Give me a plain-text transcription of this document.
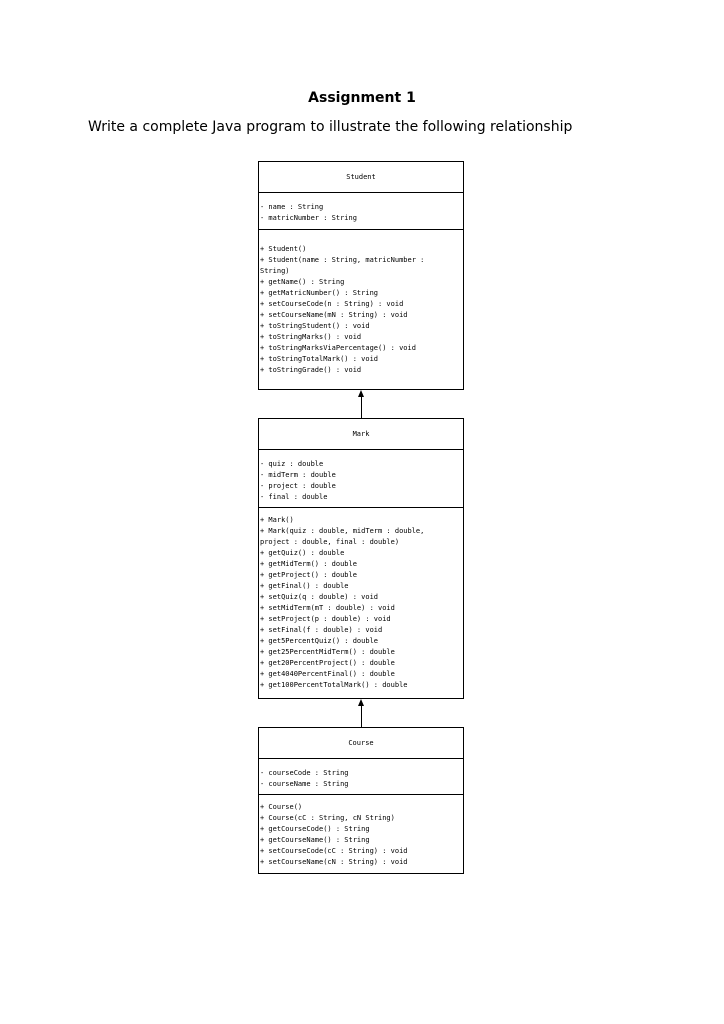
Assignment 1
Write a complete Java program to illustrate the following relationship
Student
- name : String
- matricNumber : String
+ Student()
+ Student(name : String, matricNumber :
String)
+ getName() : String
+ getMatricNumber() : String
+ setCourseCode(n : String) : void
+ setCourseName(mN : String) : void
+ toStringStudent() : void
+ toStringMarks() : void
+ toStringMarksViaPercentage() : void
+ toStringTotalMark() : void
+ toStringGrade() : void
Mark
- quiz : double
- midTerm : double
- project : double
- final : double
+ Mark()
+ Mark(quiz : double, midTerm : double,
project : double, final : double)
+ getQuiz() : double
+ getMidTerm() : double
+ getProject() : double
+ getFinal() : double
+ setQuiz(q : double) : void
+ setMidTerm(mT : double) : void
+ setProject(p : double) : void
+ setFinal(f : double) : void
+ get5PercentQuiz() : double
+ get25PercentMidTerm() : double
+ get20PercentProject() : double
+ get4040PercentFinal() : double
+ get100PercentTotalMark() : double
Course
- courseCode : String
- courseName : String
+ Course()
+ Course(cC : String, cN String)
+ getCourseCode() : String
+ getCourseName() : String
+ setCourseCode(cC : String) : void
+ setCourseName(cN : String) : void
